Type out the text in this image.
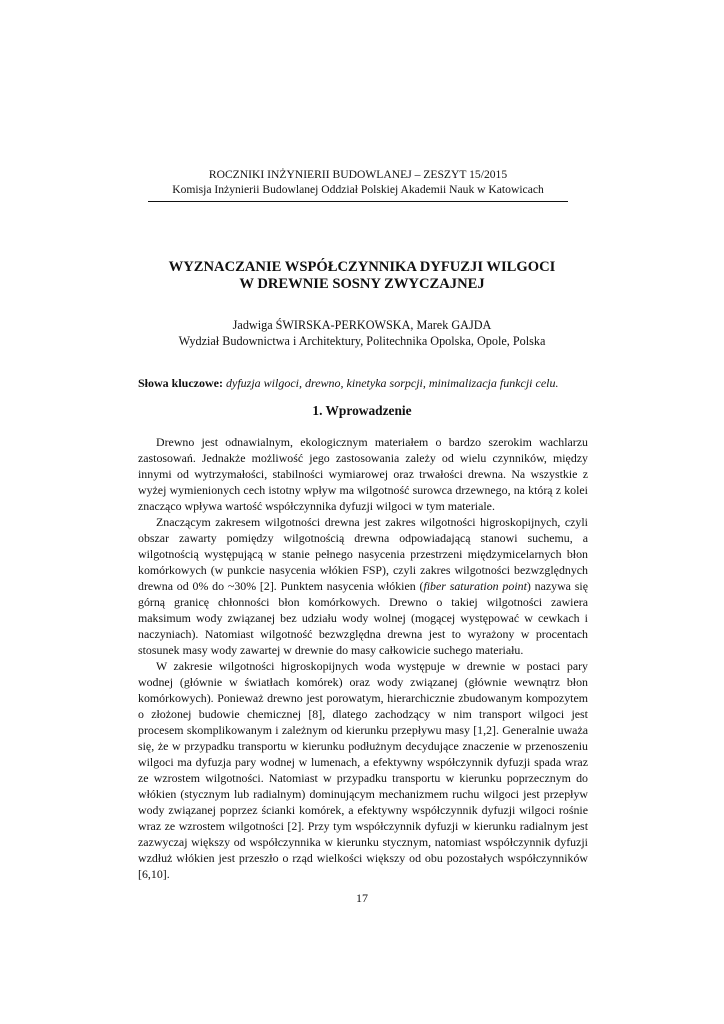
ROCZNIKI INŻYNIERII BUDOWLANEJ – ZESZYT 15/2015
Komisja Inżynierii Budowlanej Oddział Polskiej Akademii Nauk w Katowicach
WYZNACZANIE WSPÓŁCZYNNIKA DYFUZJI WILGOCI
W DREWNIE SOSNY ZWYCZAJNEJ
Jadwiga ŚWIRSKA-PERKOWSKA, Marek GAJDA
Wydział Budownictwa i Architektury, Politechnika Opolska, Opole, Polska
Słowa kluczowe: dyfuzja wilgoci, drewno, kinetyka sorpcji, minimalizacja funkcji celu.
1. Wprowadzenie

Drewno jest odnawialnym, ekologicznym materiałem o bardzo szerokim wachlarzu zastosowań. Jednakże możliwość jego zastosowania zależy od wielu czynników, między innymi od wytrzymałości, stabilności wymiarowej oraz trwałości drewna. Na wszystkie z wyżej wymienionych cech istotny wpływ ma wilgotność surowca drzewnego, na którą z kolei znacząco wpływa wartość współczynnika dyfuzji wilgoci w tym materiale.

Znaczącym zakresem wilgotności drewna jest zakres wilgotności higroskopijnych, czyli obszar zawarty pomiędzy wilgotnością drewna odpowiadającą stanowi suchemu, a wilgotnością występującą w stanie pełnego nasycenia przestrzeni międzymicelarnych błon komórkowych (w punkcie nasycenia włókien FSP), czyli zakres wilgotności bezwzględnych drewna od 0% do ~30% [2]. Punktem nasycenia włókien (fiber saturation point) nazywa się górną granicę chłonności błon komórkowych. Drewno o takiej wilgotności zawiera maksimum wody związanej bez udziału wody wolnej (mogącej występować w cewkach i naczyniach). Natomiast wilgotność bezwzględna drewna jest to wyrażony w procentach stosunek masy wody zawartej w drewnie do masy całkowicie suchego materiału.

W zakresie wilgotności higroskopijnych woda występuje w drewnie w postaci pary wodnej (głównie w światłach komórek) oraz wody związanej (głównie wewnątrz błon komórkowych). Ponieważ drewno jest porowatym, hierarchicznie zbudowanym kompozytem o złożonej budowie chemicznej [8], dlatego zachodzący w nim transport wilgoci jest procesem skomplikowanym i zależnym od kierunku przepływu masy [1,2]. Generalnie uważa się, że w przypadku transportu w kierunku podłużnym decydujące znaczenie w przenoszeniu wilgoci ma dyfuzja pary wodnej w lumenach, a efektywny współczynnik dyfuzji spada wraz ze wzrostem wilgotności. Natomiast w przypadku transportu w kierunku poprzecznym do włókien (stycznym lub radialnym) dominującym mechanizmem ruchu wilgoci jest przepływ wody związanej poprzez ścianki komórek, a efektywny współczynnik dyfuzji wilgoci rośnie wraz ze wzrostem wilgotności [2]. Przy tym współczynnik dyfuzji w kierunku radialnym jest zazwyczaj większy od współczynnika w kierunku stycznym, natomiast współczynnik dyfuzji wzdłuż włókien jest przeszło o rząd wielkości większy od obu pozostałych współczynników [6,10].

17
